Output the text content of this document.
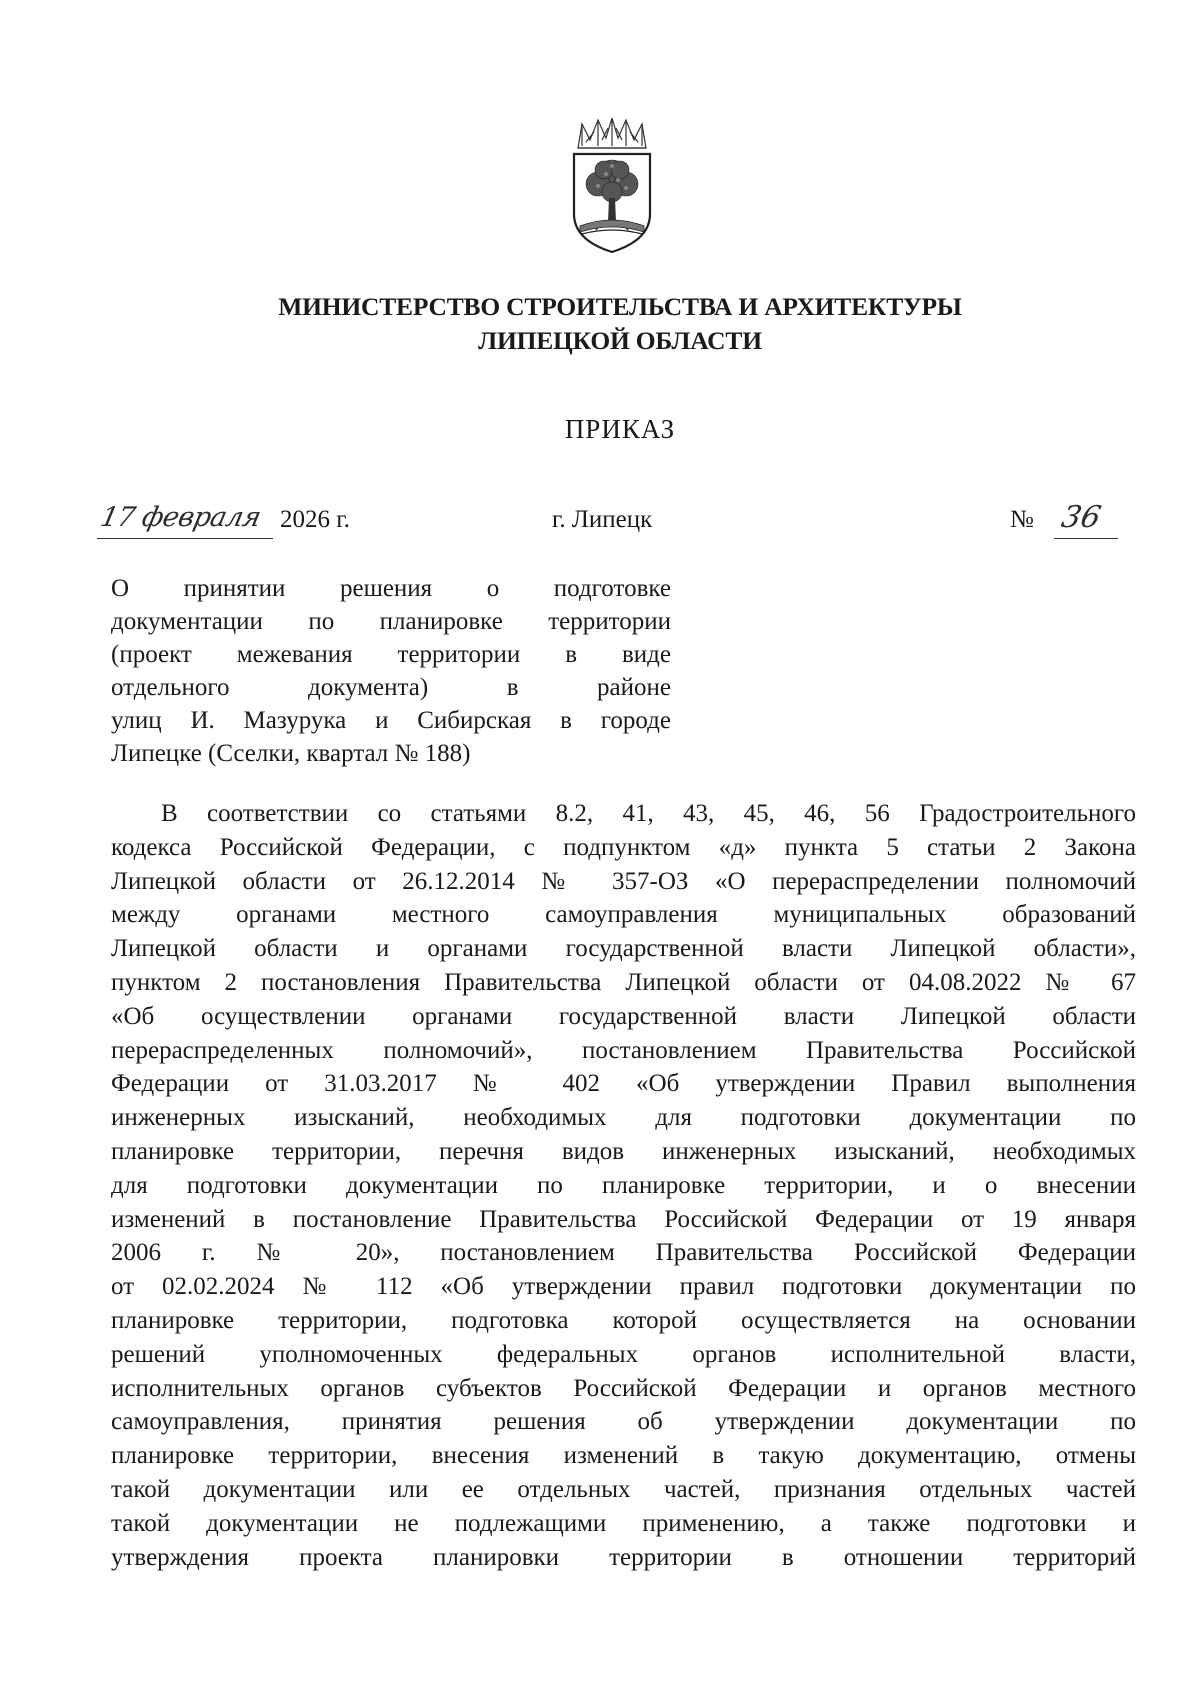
МИНИСТЕРСТВО СТРОИТЕЛЬСТВА И АРХИТЕКТУРЫ
ЛИПЕЦКОЙ ОБЛАСТИ
ПРИКАЗ
17 февраля 2026 г.	г. Липецк	№ 36
О принятии решения о подготовке
документации по планировке территории
(проект межевания территории в виде
отдельного документа) в районе
улиц И. Мазурука и Сибирская в городе
Липецке (Сселки, квартал № 188)
В соответствии со статьями 8.2, 41, 43, 45, 46, 56 Градостроительного
кодекса Российской Федерации, с подпунктом «д» пункта 5 статьи 2 Закона
Липецкой области от 26.12.2014 № 357-ОЗ «О перераспределении полномочий
между органами местного самоуправления муниципальных образований
Липецкой области и органами государственной власти Липецкой области»,
пунктом 2 постановления Правительства Липецкой области от 04.08.2022 № 67
«Об осуществлении органами государственной власти Липецкой области
перераспределенных полномочий», постановлением Правительства Российской
Федерации от 31.03.2017 № 402 «Об утверждении Правил выполнения
инженерных изысканий, необходимых для подготовки документации по
планировке территории, перечня видов инженерных изысканий, необходимых
для подготовки документации по планировке территории, и о внесении
изменений в постановление Правительства Российской Федерации от 19 января
2006 г. № 20», постановлением Правительства Российской Федерации
от 02.02.2024 № 112 «Об утверждении правил подготовки документации по
планировке территории, подготовка которой осуществляется на основании
решений уполномоченных федеральных органов исполнительной власти,
исполнительных органов субъектов Российской Федерации и органов местного
самоуправления, принятия решения об утверждении документации по
планировке территории, внесения изменений в такую документацию, отмены
такой документации или ее отдельных частей, признания отдельных частей
такой документации не подлежащими применению, а также подготовки и
утверждения проекта планировки территории в отношении территорий
